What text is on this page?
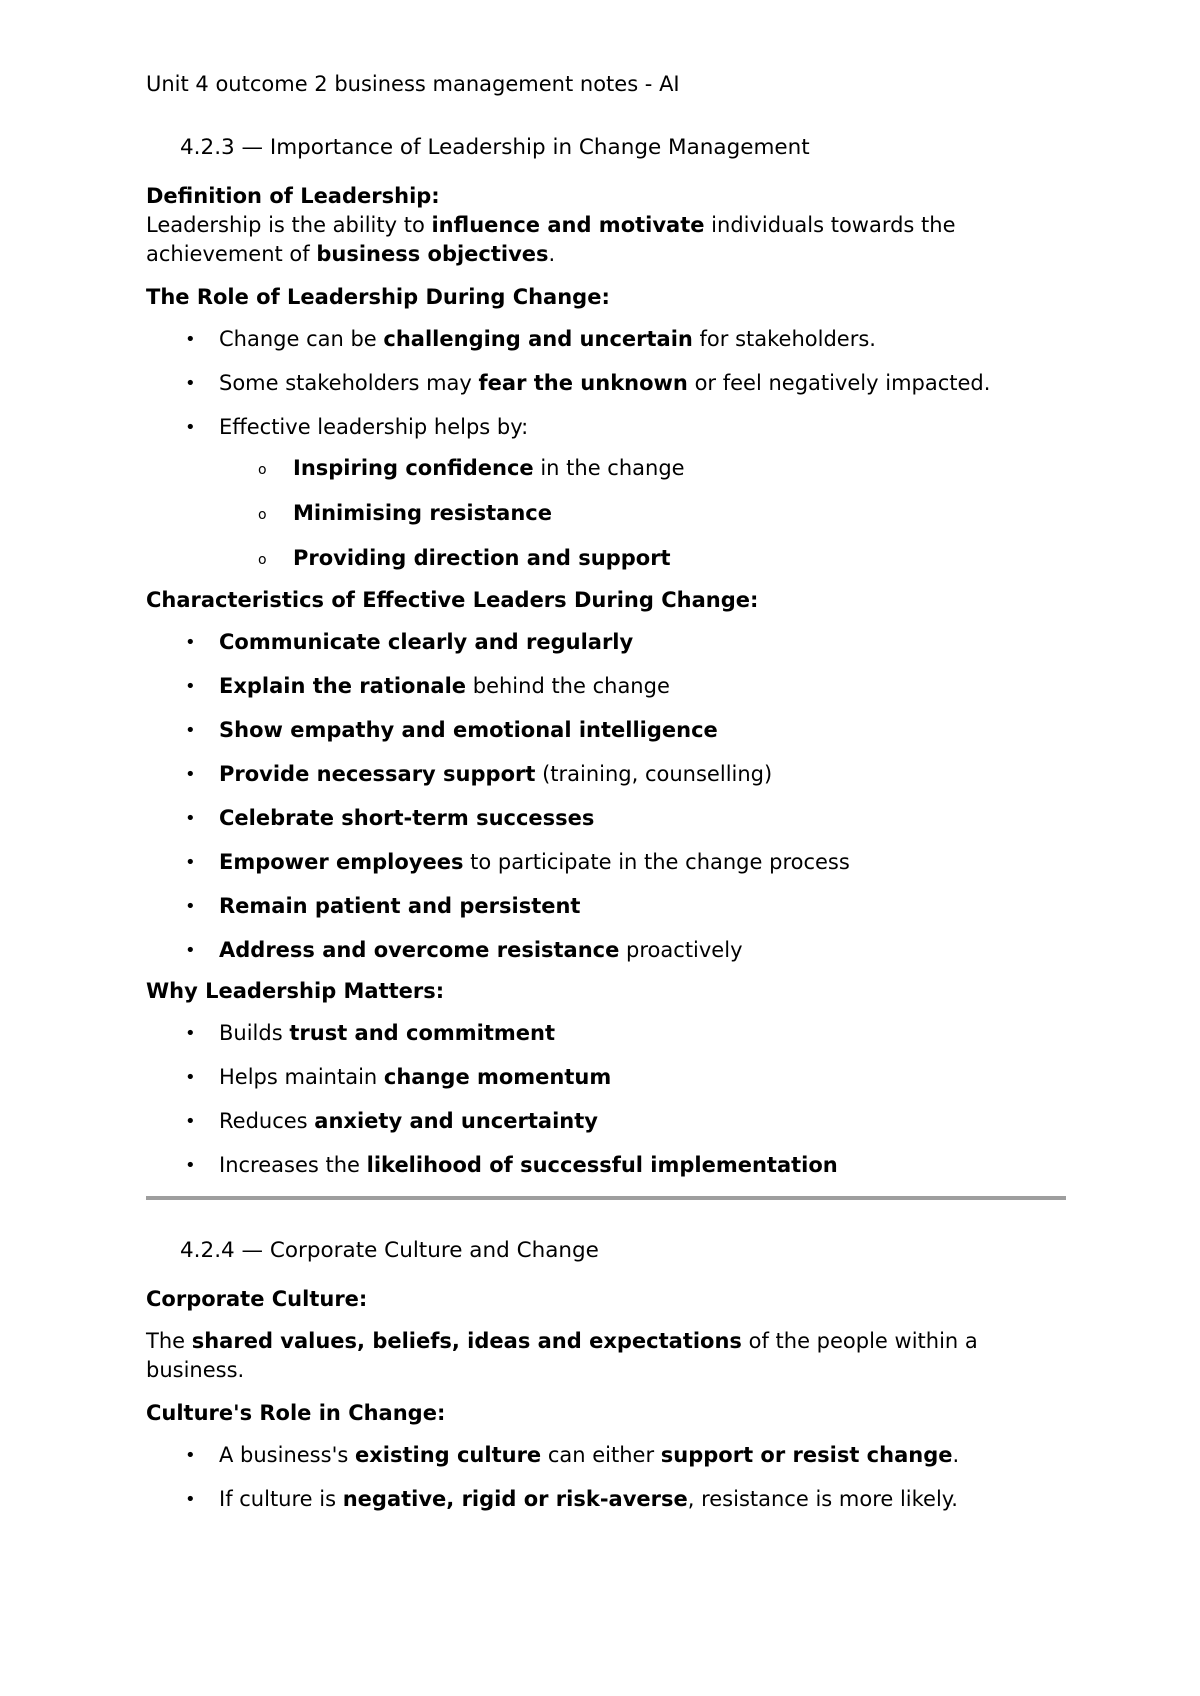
Unit 4 outcome 2 business management notes - AI
4.2.3 — Importance of Leadership in Change Management
Definition of Leadership:
Leadership is the ability to influence and motivate individuals towards the achievement of business objectives.
The Role of Leadership During Change:
• Change can be challenging and uncertain for stakeholders.
• Some stakeholders may fear the unknown or feel negatively impacted.
• Effective leadership helps by:
o Inspiring confidence in the change
o Minimising resistance
o Providing direction and support
Characteristics of Effective Leaders During Change:
• Communicate clearly and regularly
• Explain the rationale behind the change
• Show empathy and emotional intelligence
• Provide necessary support (training, counselling)
• Celebrate short-term successes
• Empower employees to participate in the change process
• Remain patient and persistent
• Address and overcome resistance proactively
Why Leadership Matters:
• Builds trust and commitment
• Helps maintain change momentum
• Reduces anxiety and uncertainty
• Increases the likelihood of successful implementation
4.2.4 — Corporate Culture and Change
Corporate Culture:
The shared values, beliefs, ideas and expectations of the people within a business.
Culture's Role in Change:
• A business's existing culture can either support or resist change.
• If culture is negative, rigid or risk-averse, resistance is more likely.
